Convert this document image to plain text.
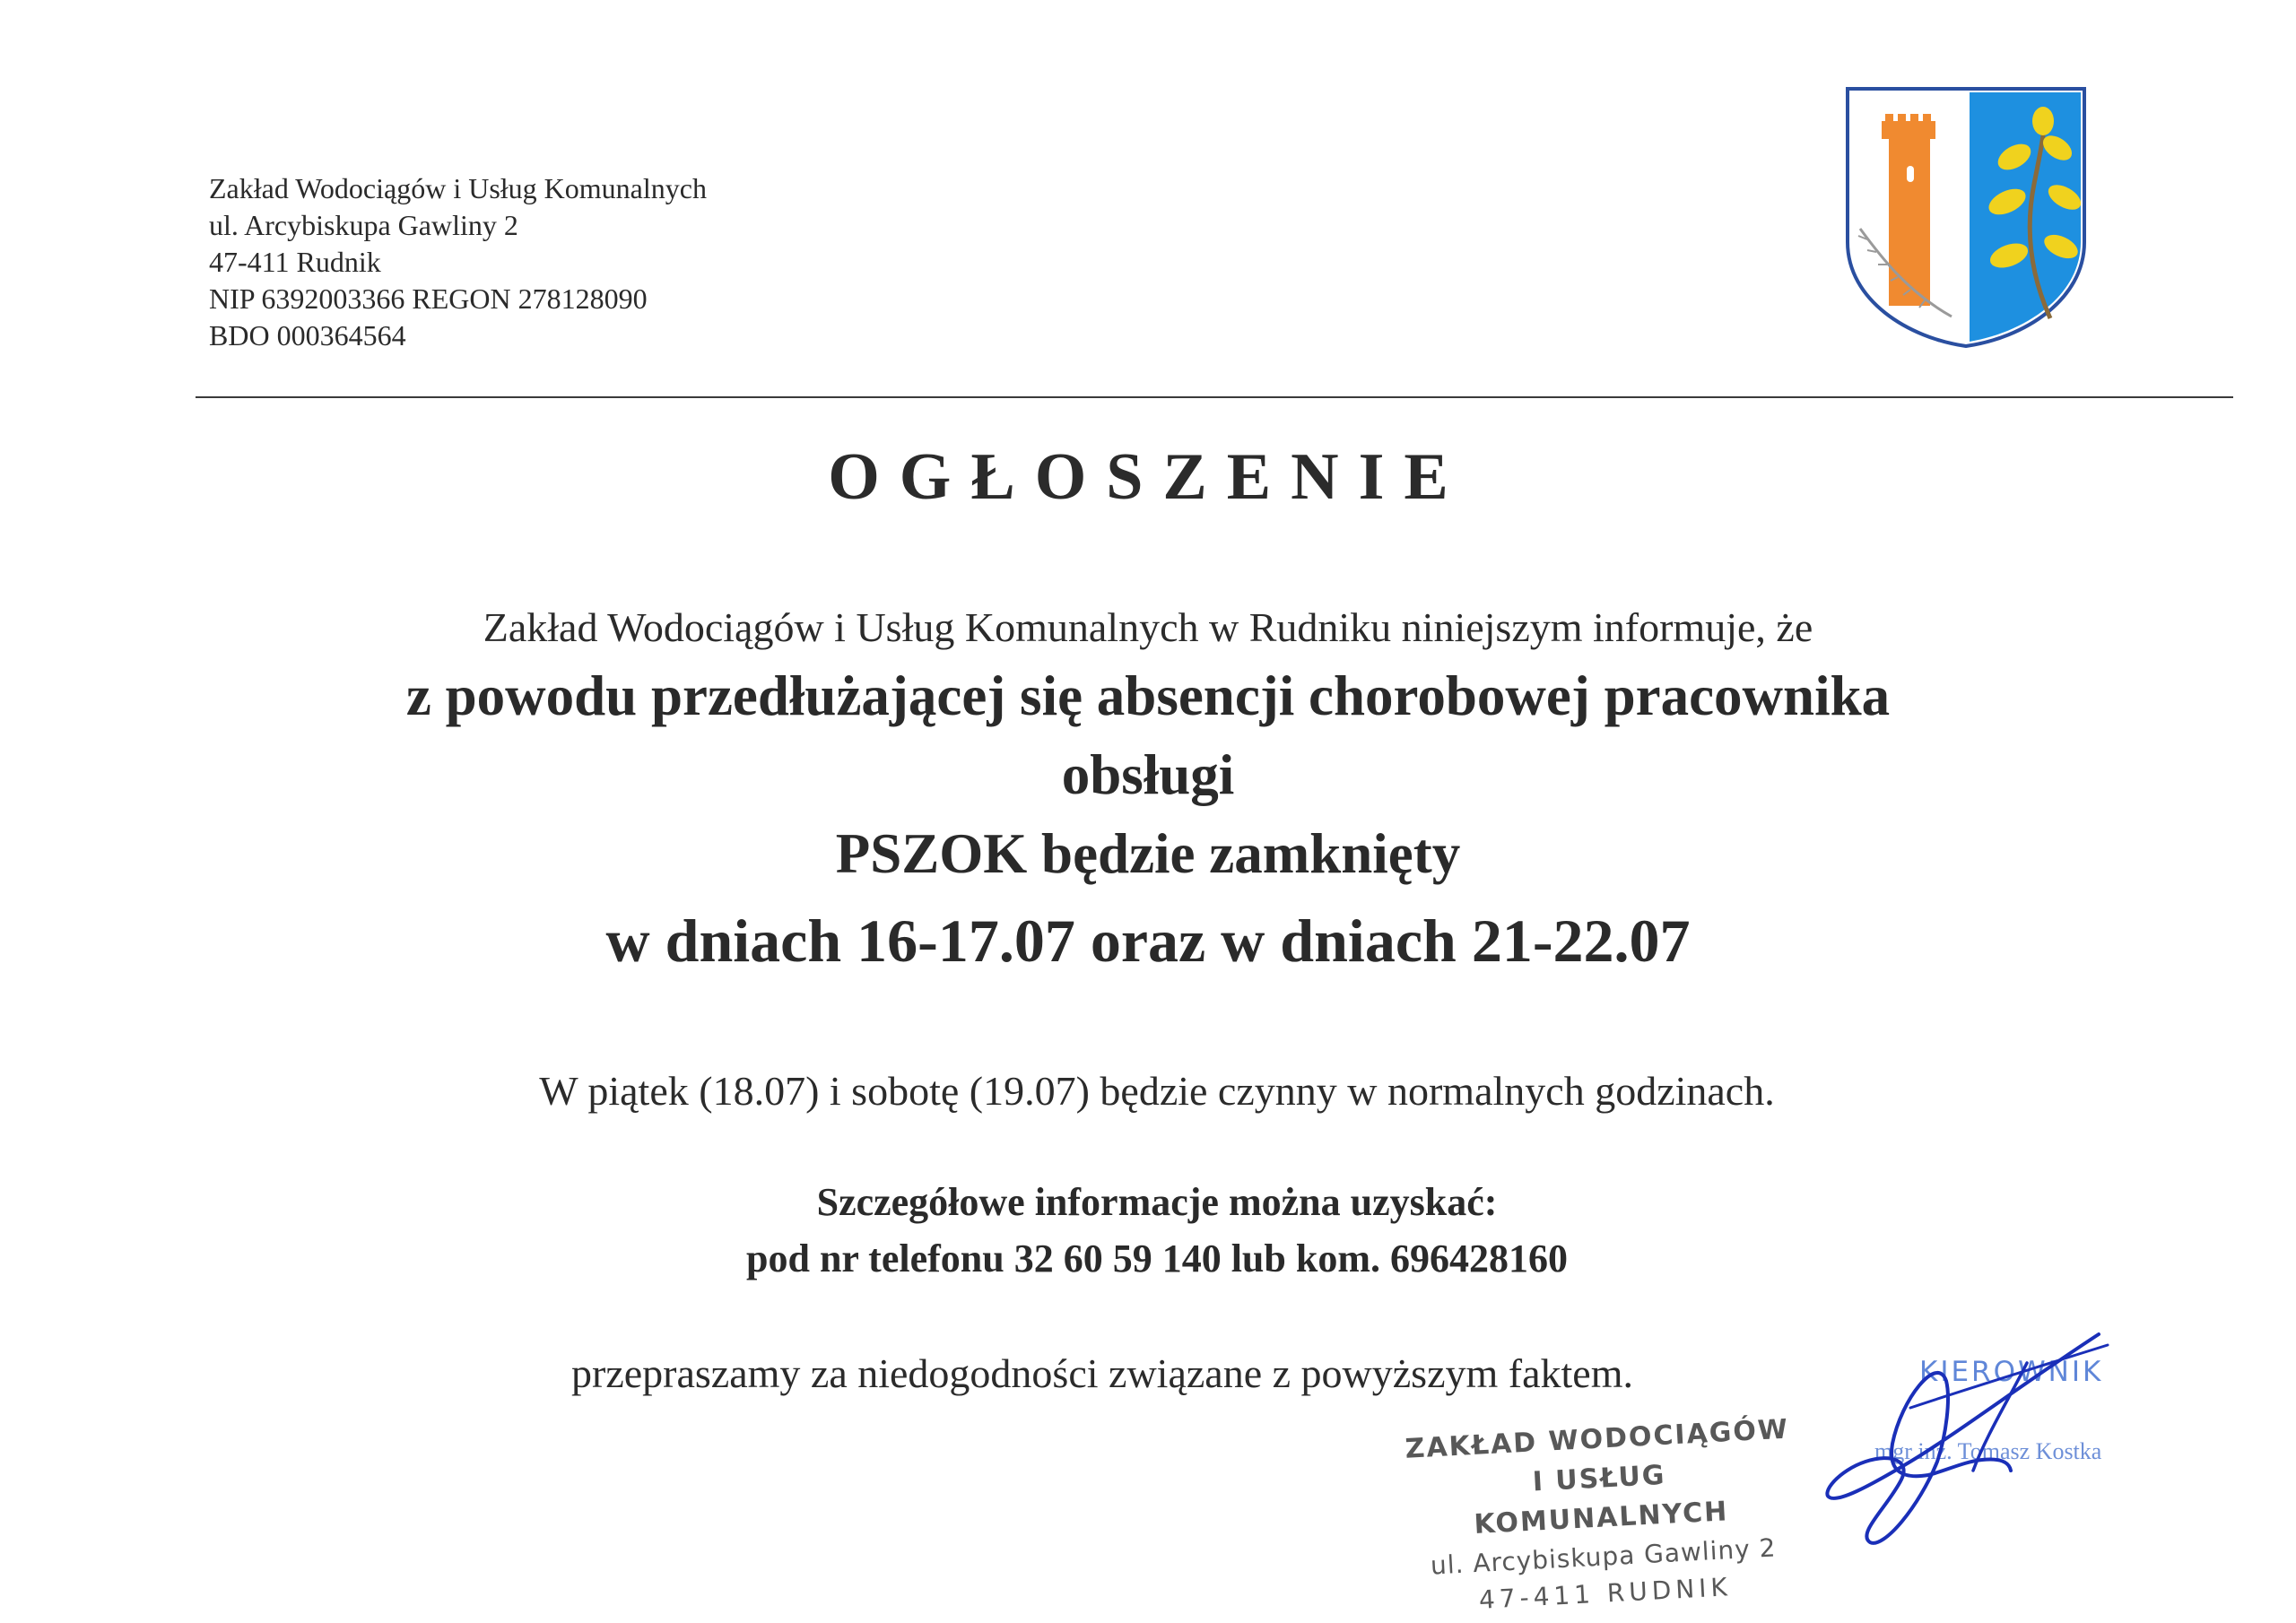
Zakład Wodociągów i Usług Komunalnych
ul. Arcybiskupa Gawliny 2
47-411 Rudnik
NIP 6392003366 REGON 278128090
BDO 000364564
OGŁOSZENIE
Zakład Wodociągów i Usług Komunalnych w Rudniku niniejszym informuje, że
z powodu przedłużającej się absencji chorobowej pracownika
obsługi
PSZOK będzie zamknięty
w dniach 16-17.07 oraz w dniach 21-22.07
W piątek (18.07) i sobotę (19.07) będzie czynny w normalnych godzinach.
Szczegółowe informacje można uzyskać:
pod nr telefonu 32 60 59 140 lub kom. 696428160
przepraszamy za niedogodności związane z powyższym faktem.
ZAKŁAD WODOCIĄGÓW
I USŁUG KOMUNALNYCH
ul. Arcybiskupa Gawliny 2
47-411 RUDNIK
KIEROWNIK
mgr inż. Tomasz Kostka
